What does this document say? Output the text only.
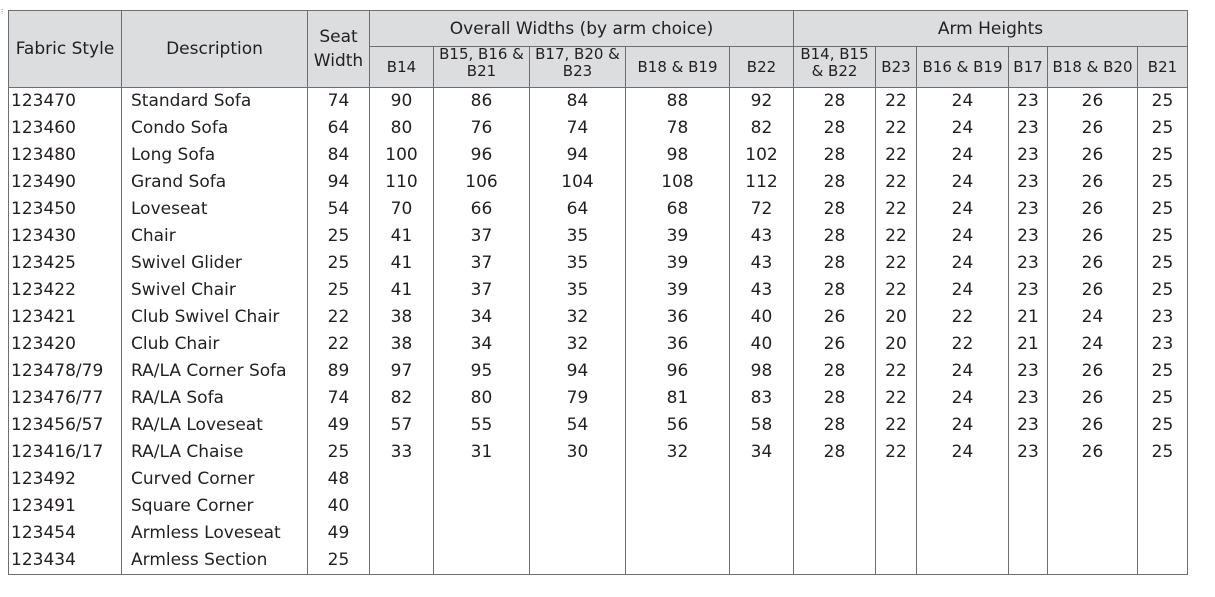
⁝
Fabric Style	Description	Seat Width	Overall Widths (by arm choice)					Arm Heights					
			B14	B15, B16 & B21	B17, B20 & B23	B18 & B19	B22	B14, B15 & B22	B23	B16 & B19	B17	B18 & B20	B21
123470	Standard Sofa	74	90	86	84	88	92	28	22	24	23	26	25
123460	Condo Sofa	64	80	76	74	78	82	28	22	24	23	26	25
123480	Long Sofa	84	100	96	94	98	102	28	22	24	23	26	25
123490	Grand Sofa	94	110	106	104	108	112	28	22	24	23	26	25
123450	Loveseat	54	70	66	64	68	72	28	22	24	23	26	25
123430	Chair	25	41	37	35	39	43	28	22	24	23	26	25
123425	Swivel Glider	25	41	37	35	39	43	28	22	24	23	26	25
123422	Swivel Chair	25	41	37	35	39	43	28	22	24	23	26	25
123421	Club Swivel Chair	22	38	34	32	36	40	26	20	22	21	24	23
123420	Club Chair	22	38	34	32	36	40	26	20	22	21	24	23
123478/79	RA/LA Corner Sofa	89	97	95	94	96	98	28	22	24	23	26	25
123476/77	RA/LA Sofa	74	82	80	79	81	83	28	22	24	23	26	25
123456/57	RA/LA Loveseat	49	57	55	54	56	58	28	22	24	23	26	25
123416/17	RA/LA Chaise	25	33	31	30	32	34	28	22	24	23	26	25
123492	Curved Corner	48											
123491	Square Corner	40											
123454	Armless Loveseat	49											
123434	Armless Section	25											
